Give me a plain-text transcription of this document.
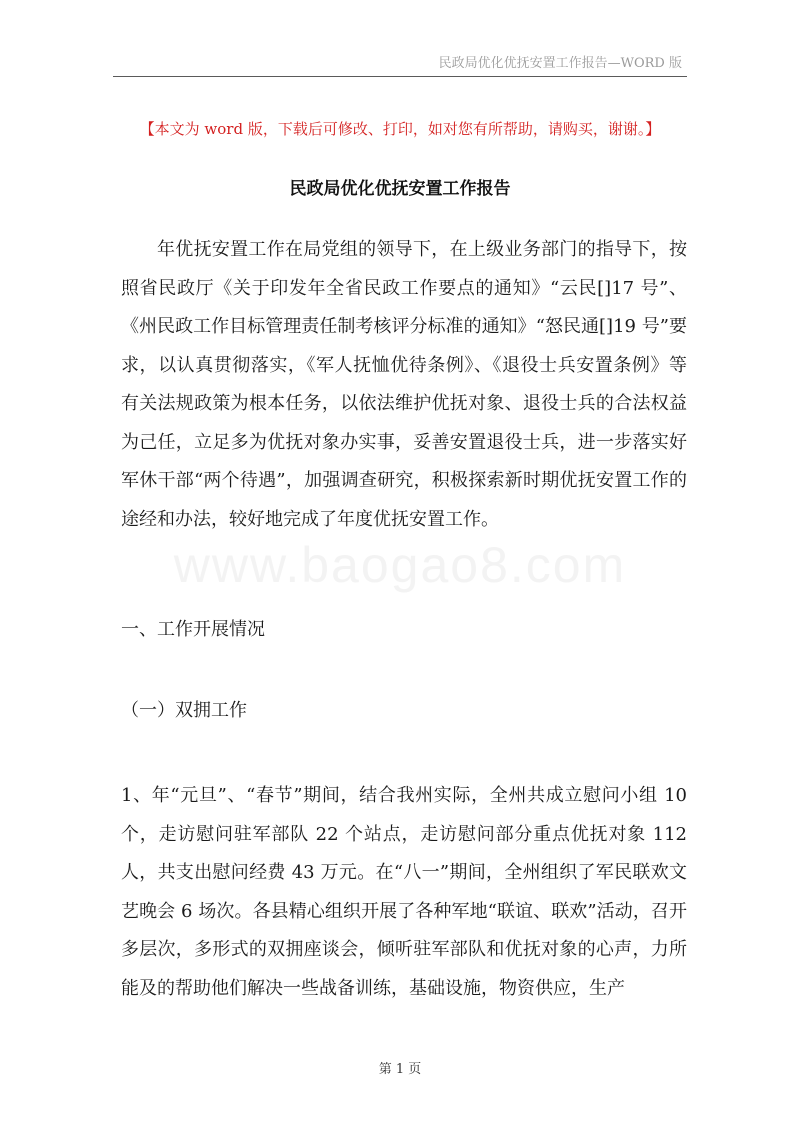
民政局优化优抚安置工作报告—WORD 版
【本文为 word 版，下载后可修改、打印，如对您有所帮助，请购买，谢谢。】
民政局优化优抚安置工作报告
年优抚安置工作在局党组的领导下，在上级业务部门的指导下，按照省民政厅《关于印发年全省民政工作要点的通知》“云民[]17 号”、《州民政工作目标管理责任制考核评分标准的通知》“怒民通[]19 号”要求，以认真贯彻落实，《军人抚恤优待条例》、《退役士兵安置条例》等有关法规政策为根本任务，以依法维护优抚对象、退役士兵的合法权益为己任，立足多为优抚对象办实事，妥善安置退役士兵，进一步落实好军休干部“两个待遇”，加强调查研究，积极探索新时期优抚安置工作的途经和办法，较好地完成了年度优抚安置工作。
www.baogao8.com
一、工作开展情况
（一）双拥工作
1、年“元旦”、“春节”期间，结合我州实际，全州共成立慰问小组 10 个，走访慰问驻军部队 22 个站点，走访慰问部分重点优抚对象 112 人，共支出慰问经费 43 万元。在“八一”期间，全州组织了军民联欢文艺晚会 6 场次。各县精心组织开展了各种军地“联谊、联欢”活动，召开多层次，多形式的双拥座谈会，倾听驻军部队和优抚对象的心声，力所能及的帮助他们解决一些战备训练，基础设施，物资供应，生产
第 1 页
